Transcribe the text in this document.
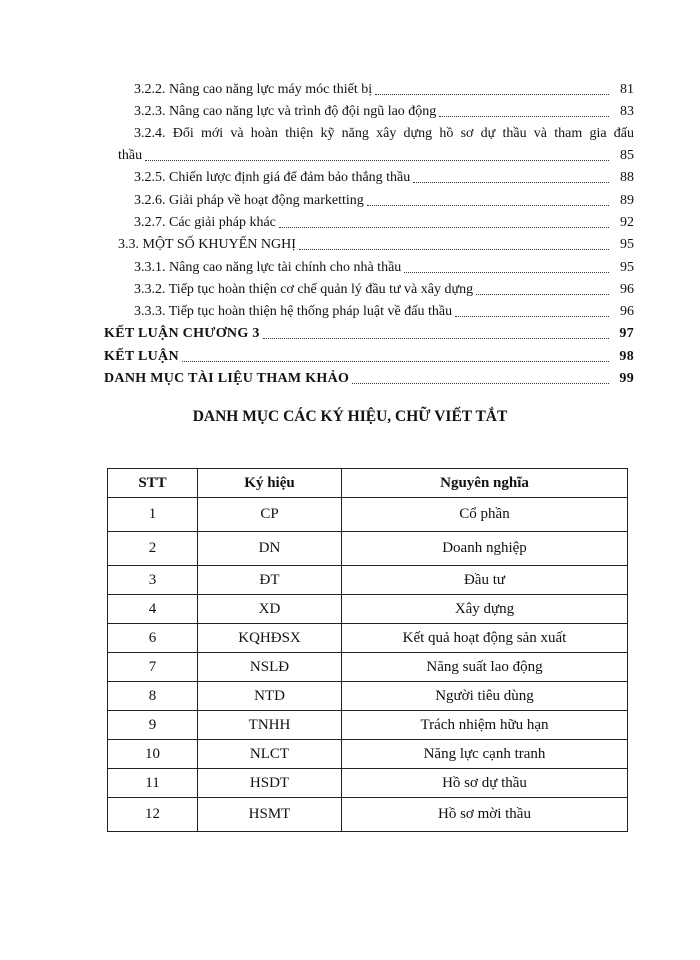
3.2.2. Nâng cao năng lực máy móc thiết bị	81
3.2.3. Nâng cao năng lực và trình độ đội ngũ lao động	83
3.2.4. Đổi mới và hoàn thiện kỹ năng xây dựng hồ sơ dự thầu và tham gia đấu
thầu	85
3.2.5. Chiến lược định giá để đảm bảo thắng thầu	88
3.2.6. Giải pháp về hoạt động marketting	89
3.2.7. Các giải pháp khác	92
3.3. MỘT SỐ KHUYẾN NGHỊ	95
3.3.1. Nâng cao năng lực tài chính cho nhà thầu	95
3.3.2. Tiếp tục hoàn thiện cơ chế quản lý đầu tư và xây dựng	96
3.3.3. Tiếp tục hoàn thiện hệ thống pháp luật về đấu thầu	96
KẾT LUẬN CHƯƠNG 3	97
KẾT LUẬN	98
DANH MỤC TÀI LIỆU THAM KHẢO	99
DANH MỤC CÁC KÝ HIỆU, CHỮ VIẾT TẮT
STT	Ký hiệu	Nguyên nghĩa
1	CP	Cổ phần
2	DN	Doanh nghiệp
3	ĐT	Đầu tư
4	XD	Xây dựng
6	KQHĐSX	Kết quả hoạt động sản xuất
7	NSLĐ	Năng suất lao động
8	NTD	Người tiêu dùng
9	TNHH	Trách nhiệm hữu hạn
10	NLCT	Năng lực cạnh tranh
11	HSDT	Hồ sơ dự thầu
12	HSMT	Hồ sơ mời thầu
